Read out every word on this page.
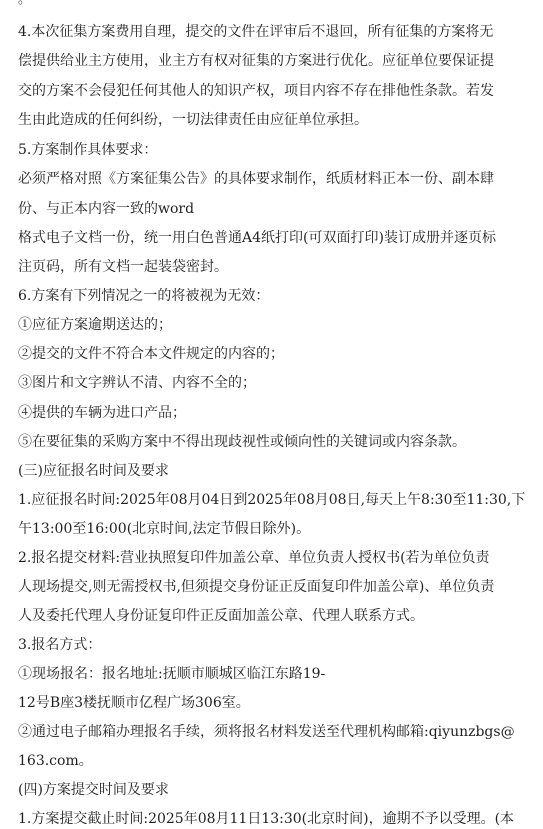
4.本次征集方案费用自理，提交的文件在评审后不退回，所有征集的方案将无
偿提供给业主方使用，业主方有权对征集的方案进行优化。应征单位要保证提
交的方案不会侵犯任何其他人的知识产权，项目内容不存在排他性条款。若发
生由此造成的任何纠纷，一切法律责任由应征单位承担。
5.方案制作具体要求：
必须严格对照《方案征集公告》的具体要求制作，纸质材料正本一份、副本肆
份、与正本内容一致的word
格式电子文档一份，统一用白色普通A4纸打印(可双面打印)装订成册并逐页标
注页码，所有文档一起装袋密封。
6.方案有下列情况之一的将被视为无效：
①应征方案逾期送达的；
②提交的文件不符合本文件规定的内容的；
③图片和文字辨认不清、内容不全的；
④提供的车辆为进口产品；
⑤在要征集的采购方案中不得出现歧视性或倾向性的关键词或内容条款。
(三)应征报名时间及要求
1.应征报名时间:2025年08月04日到2025年08月08日,每天上午8:30至11:30,下
午13:00至16:00(北京时间,法定节假日除外)。
2.报名提交材料:营业执照复印件加盖公章、单位负责人授权书(若为单位负责
人现场提交,则无需授权书,但须提交身份证正反面复印件加盖公章)、单位负责
人及委托代理人身份证复印件正反面加盖公章、代理人联系方式。
3.报名方式：
①现场报名：报名地址:抚顺市顺城区临江东路19-
12号B座3楼抚顺市亿程广场306室。
②通过电子邮箱办理报名手续，须将报名材料发送至代理机构邮箱:qiyunzbgs@
163.com。
(四)方案提交时间及要求
1.方案提交截止时间:2025年08月11日13:30(北京时间)，逾期不予以受理。(本
